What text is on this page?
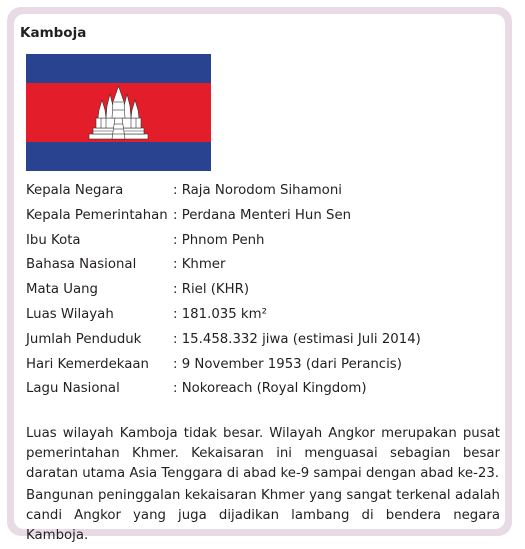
Kamboja
Kepala Negara	: Raja Norodom Sihamoni
Kepala Pemerintahan : Perdana Menteri Hun Sen
Ibu Kota	: Phnom Penh
Bahasa Nasional	: Khmer
Mata Uang	: Riel (KHR)
Luas Wilayah	: 181.035 km²
Jumlah Penduduk	: 15.458.332 jiwa (estimasi Juli 2014)
Hari Kemerdekaan	: 9 November 1953 (dari Perancis)
Lagu Nasional	: Nokoreach (Royal Kingdom)

Luas wilayah Kamboja tidak besar. Wilayah Angkor merupakan pusat pemerintahan Khmer. Kekaisaran ini menguasai sebagian besar daratan utama Asia Tenggara di abad ke-9 sampai dengan abad ke-23.

Bangunan peninggalan kekaisaran Khmer yang sangat terkenal adalah candi Angkor yang juga dijadikan lambang di bendera negara Kamboja.
